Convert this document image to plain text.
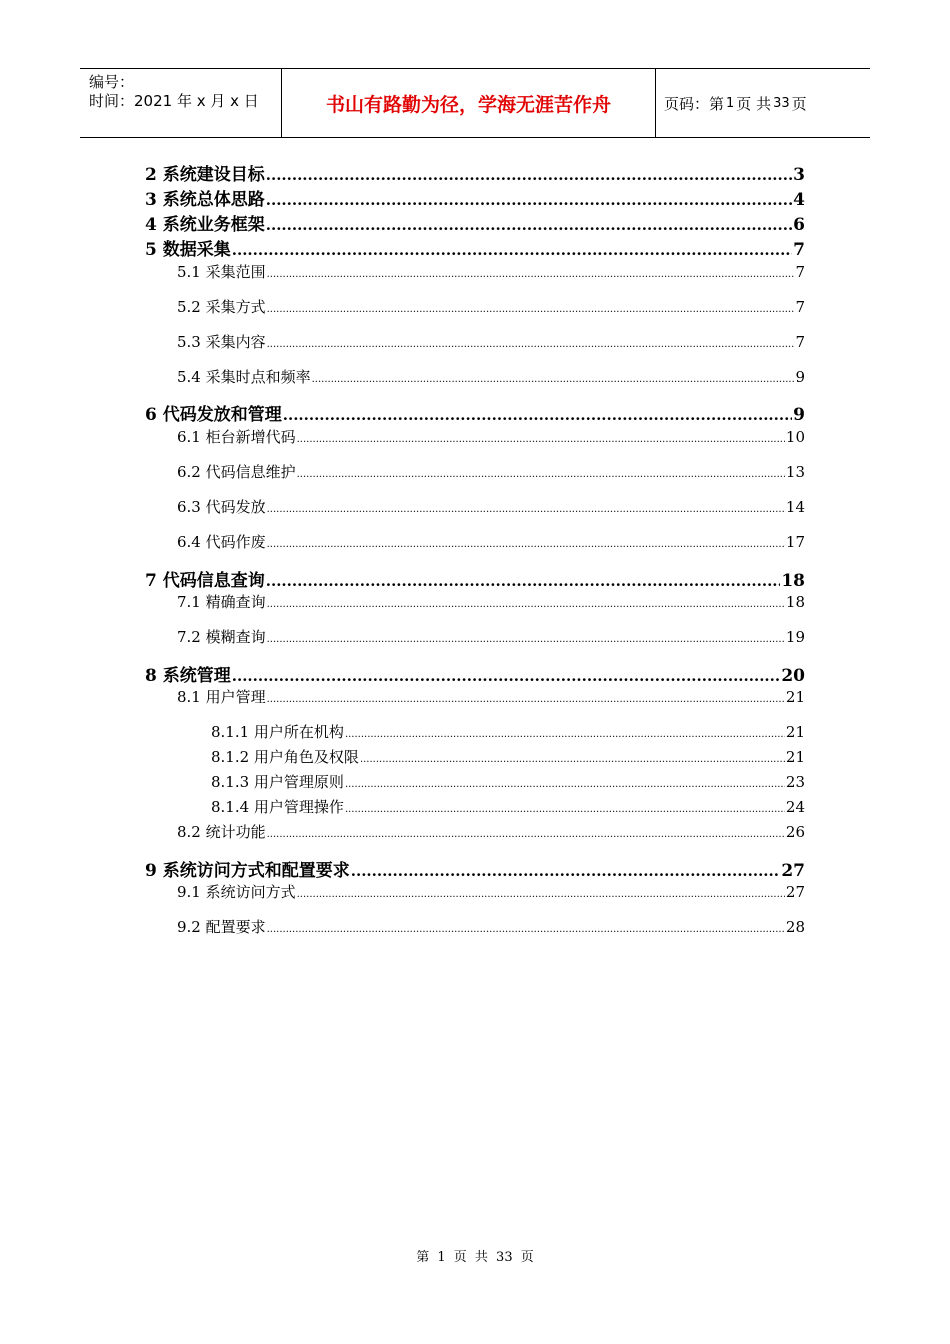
编号：
时间：2021 年 x 月 x 日	书山有路勤为径，学海无涯苦作舟	页码：第 1 页 共 33 页
2 系统建设目标 .....	3
3 系统总体思路 .....	4
4 系统业务框架 .....	6
5 数据采集 .....	7
5.1 采集范围 .....	7
5.2 采集方式 .....	7
5.3 采集内容 .....	7
5.4 采集时点和频率 .....	9
6 代码发放和管理 .....	9
6.1 柜台新增代码 .....	10
6.2 代码信息维护 .....	13
6.3 代码发放 .....	14
6.4 代码作废 .....	17
7 代码信息查询 .....	18
7.1 精确查询 .....	18
7.2 模糊查询 .....	19
8 系统管理 .....	20
8.1 用户管理 .....	21
8.1.1 用户所在机构 .....	21
8.1.2 用户角色及权限 .....	21
8.1.3 用户管理原则 .....	23
8.1.4 用户管理操作 .....	24
8.2 统计功能 .....	26
9 系统访问方式和配置要求 .....	27
9.1 系统访问方式 .....	27
9.2 配置要求 .....	28
第 1 页 共 33 页
